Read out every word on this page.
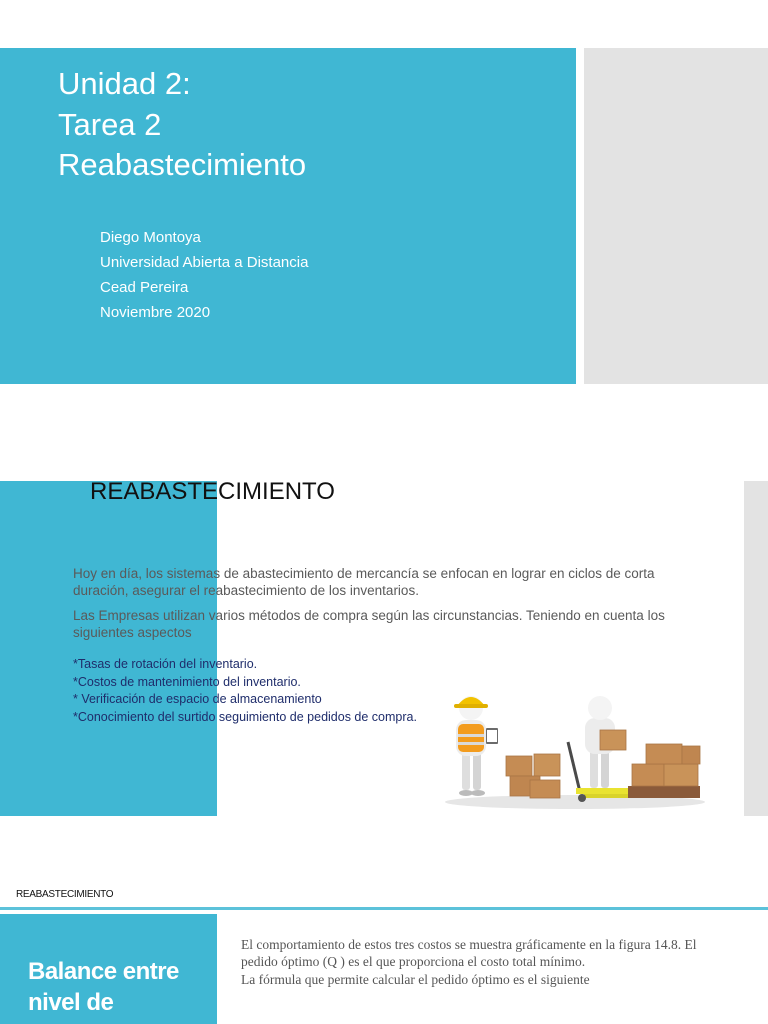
Unidad 2:
Tarea 2
Reabastecimiento
Diego Montoya
Universidad Abierta a Distancia
Cead Pereira
Noviembre 2020
REABASTECIMIENTO

Hoy en día, los sistemas de abastecimiento de mercancía se enfocan en lograr en ciclos de corta duración, asegurar el reabastecimiento de los inventarios.

Las Empresas utilizan varios métodos de compra según las circunstancias. Teniendo en cuenta los siguientes aspectos

*Tasas de rotación del inventario.
*Costos de mantenimiento del inventario.
* Verificación de espacio de almacenamiento
*Conocimiento del surtido seguimiento de pedidos de compra.
REABASTECIMIENTO
Balance entre
nivel de
El comportamiento de estos tres costos se muestra gráficamente en la figura 14.8. El pedido óptimo (Q ) es el que proporciona el costo total mínimo.
La fórmula que permite calcular el pedido óptimo es el siguiente
